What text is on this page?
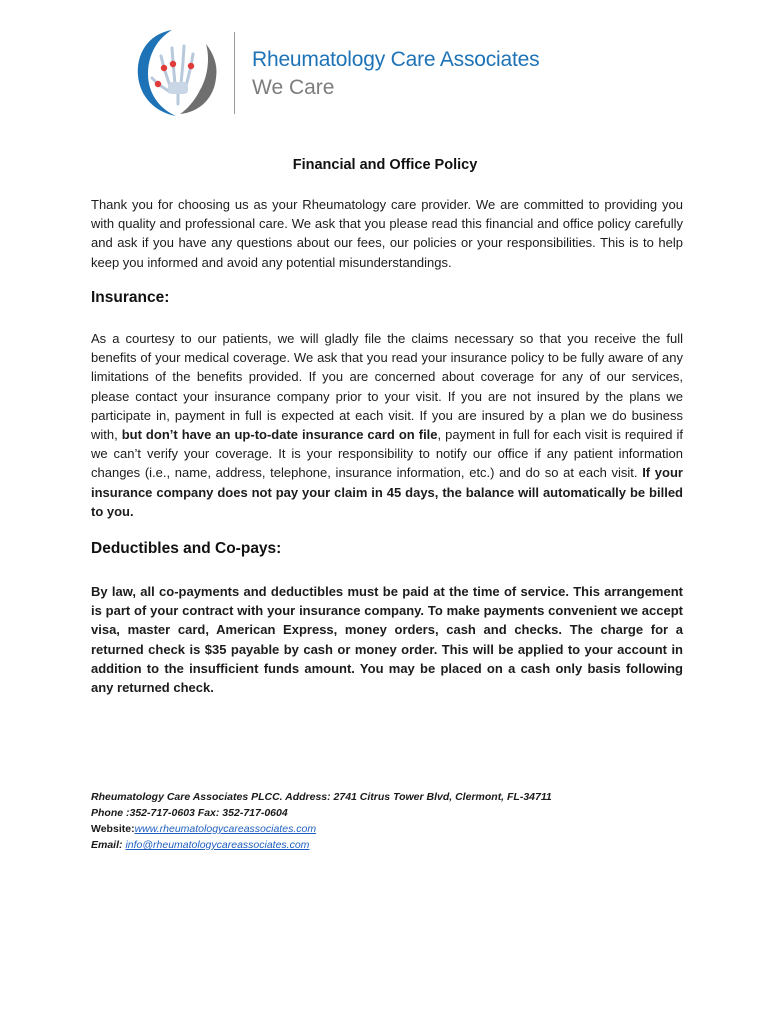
Rheumatology Care Associates
We Care
Financial and Office Policy

Thank you for choosing us as your Rheumatology care provider. We are committed to providing you with quality and professional care. We ask that you please read this financial and office policy carefully and ask if you have any questions about our fees, our policies or your responsibilities. This is to help keep you informed and avoid any potential misunderstandings.

Insurance:

As a courtesy to our patients, we will gladly file the claims necessary so that you receive the full benefits of your medical coverage. We ask that you read your insurance policy to be fully aware of any limitations of the benefits provided. If you are concerned about coverage for any of our services, please contact your insurance company prior to your visit. If you are not insured by the plans we participate in, payment in full is expected at each visit. If you are insured by a plan we do business with, but don’t have an up-to-date insurance card on file, payment in full for each visit is required if we can’t verify your coverage. It is your responsibility to notify our office if any patient information changes (i.e., name, address, telephone, insurance information, etc.) and do so at each visit. If your insurance company does not pay your claim in 45 days, the balance will automatically be billed to you.

Deductibles and Co-pays:

By law, all co-payments and deductibles must be paid at the time of service. This arrangement is part of your contract with your insurance company. To make payments convenient we accept visa, master card, American Express, money orders, cash and checks. The charge for a returned check is $35 payable by cash or money order. This will be applied to your account in addition to the insufficient funds amount. You may be placed on a cash only basis following any returned check.

Rheumatology Care Associates PLCC. Address: 2741 Citrus Tower Blvd, Clermont, FL-34711
Phone :352-717-0603 Fax: 352-717-0604
Website:www.rheumatologycareassociates.com
Email: info@rheumatologycareassociates.com
